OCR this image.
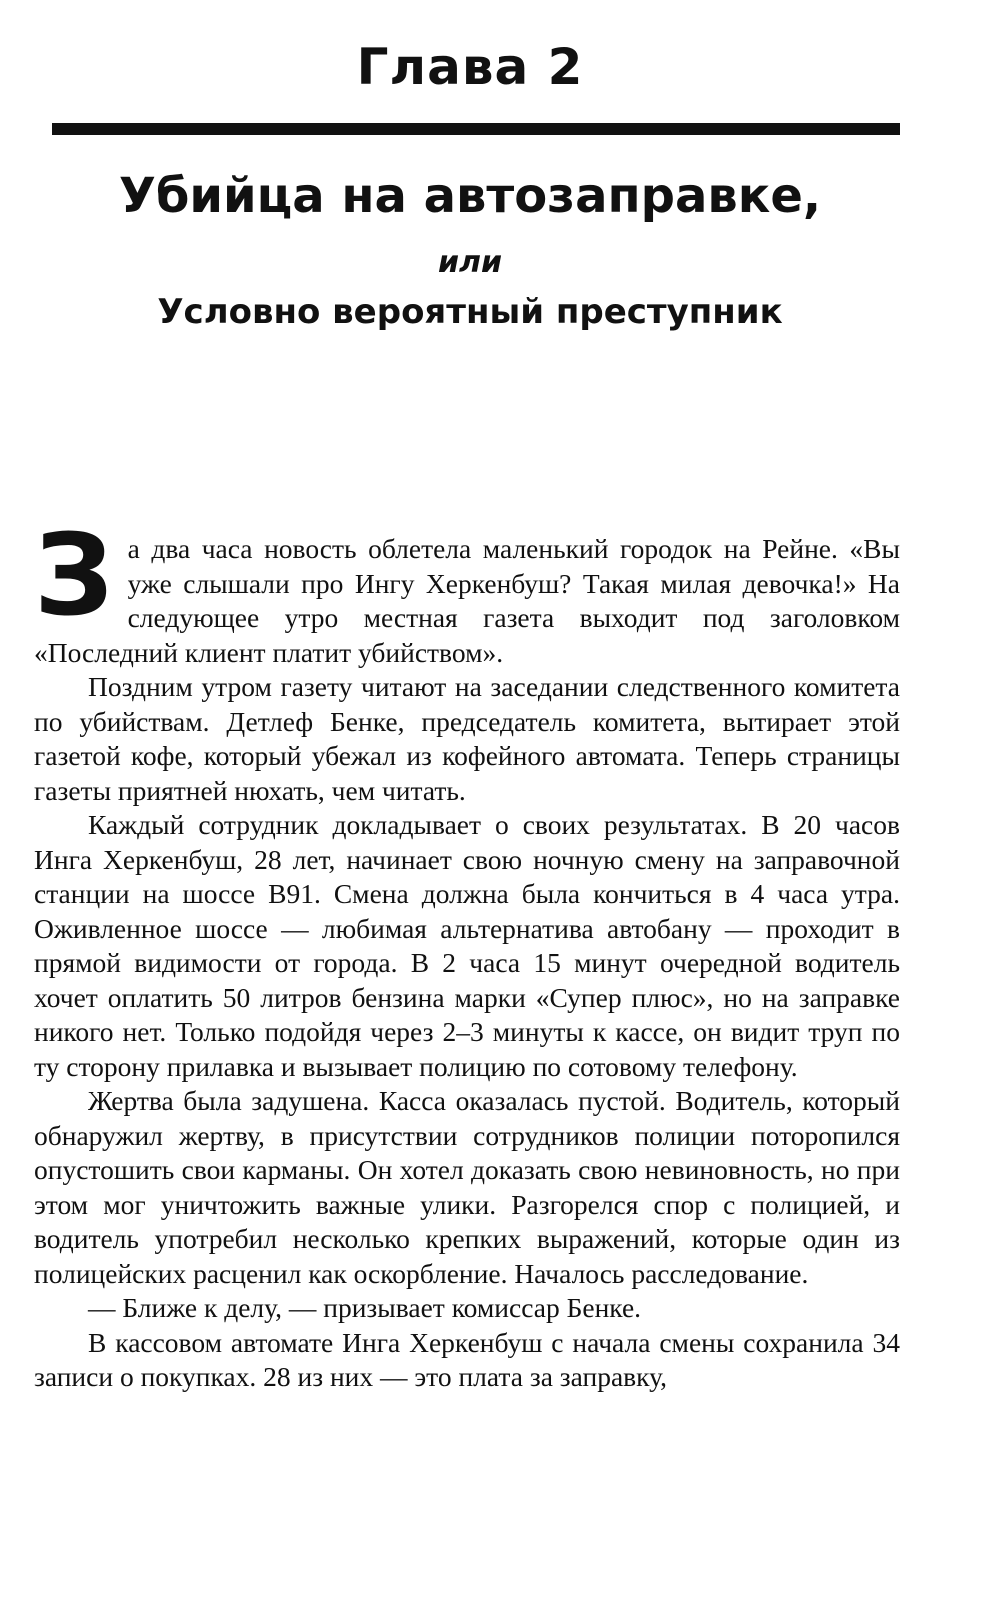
Глава 2
Убийца на автозаправке,
или
Условно вероятный преступник

З а два часа новость облетела маленький городок на Рейне. «Вы уже слышали про Ингу Херкенбуш? Такая милая девочка!» На следующее утро местная газета выходит под заголовком «Последний клиент платит убийством».

Поздним утром газету читают на заседании следственного комитета по убийствам. Детлеф Бенке, председатель комитета, вытирает этой газетой кофе, который убежал из кофейного автомата. Теперь страницы газеты приятней нюхать, чем читать.

Каждый сотрудник докладывает о своих результатах. В 20 часов Инга Херкенбуш, 28 лет, начинает свою ночную смену на заправочной станции на шоссе B91. Смена должна была кончиться в 4 часа утра. Оживленное шоссе — любимая альтернатива автобану — проходит в прямой видимости от города. В 2 часа 15 минут очередной водитель хочет оплатить 50 литров бензина марки «Супер плюс», но на заправке никого нет. Только подойдя через 2–3 минуты к кассе, он видит труп по ту сторону прилавка и вызывает полицию по сотовому телефону.

Жертва была задушена. Касса оказалась пустой. Водитель, который обнаружил жертву, в присутствии сотрудников полиции поторопился опустошить свои карманы. Он хотел доказать свою невиновность, но при этом мог уничтожить важные улики. Разгорелся спор с полицией, и водитель употребил несколько крепких выражений, которые один из полицейских расценил как оскорбление. Началось расследование.

— Ближе к делу, — призывает комиссар Бенке.

В кассовом автомате Инга Херкенбуш с начала смены сохранила 34 записи о покупках. 28 из них — это плата за заправку,
